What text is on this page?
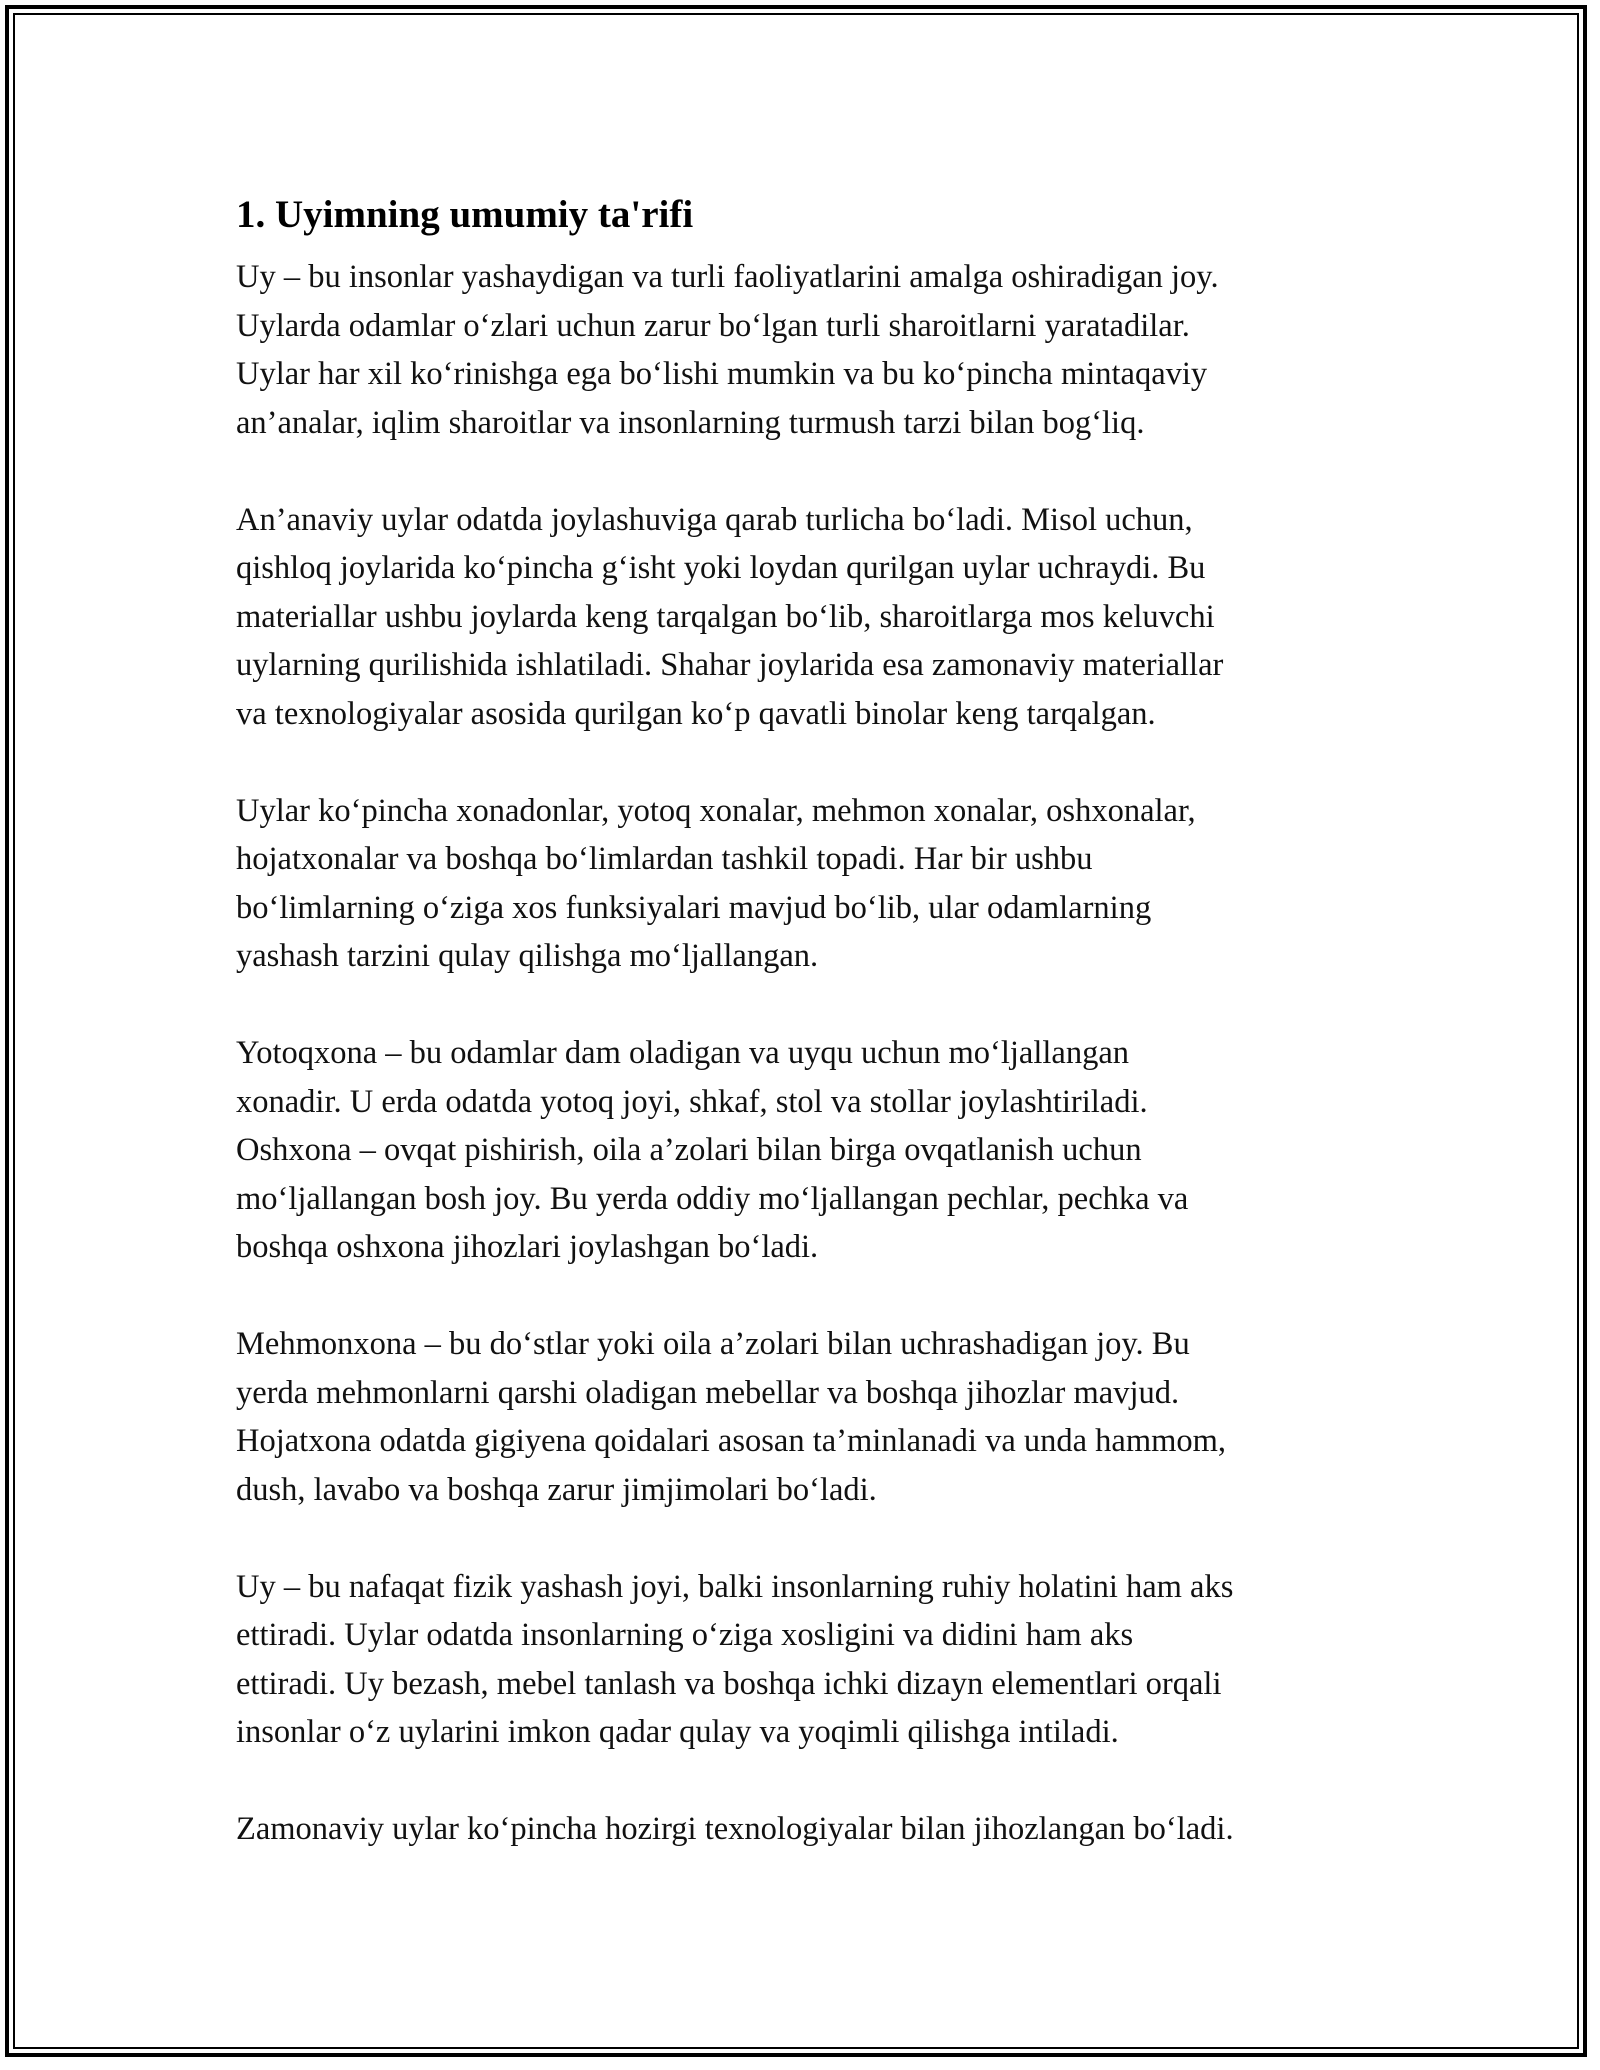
1. Uyimning umumiy ta'rifi

Uy – bu insonlar yashaydigan va turli faoliyatlarini amalga oshiradigan joy.
Uylarda odamlar o‘zlari uchun zarur bo‘lgan turli sharoitlarni yaratadilar.
Uylar har xil ko‘rinishga ega bo‘lishi mumkin va bu ko‘pincha mintaqaviy
an’analar, iqlim sharoitlar va insonlarning turmush tarzi bilan bog‘liq.

An’anaviy uylar odatda joylashuviga qarab turlicha bo‘ladi. Misol uchun,
qishloq joylarida ko‘pincha g‘isht yoki loydan qurilgan uylar uchraydi. Bu
materiallar ushbu joylarda keng tarqalgan bo‘lib, sharoitlarga mos keluvchi
uylarning qurilishida ishlatiladi. Shahar joylarida esa zamonaviy materiallar
va texnologiyalar asosida qurilgan ko‘p qavatli binolar keng tarqalgan.

Uylar ko‘pincha xonadonlar, yotoq xonalar, mehmon xonalar, oshxonalar,
hojatxonalar va boshqa bo‘limlardan tashkil topadi. Har bir ushbu
bo‘limlarning o‘ziga xos funksiyalari mavjud bo‘lib, ular odamlarning
yashash tarzini qulay qilishga mo‘ljallangan.

Yotoqxona – bu odamlar dam oladigan va uyqu uchun mo‘ljallangan
xonadir. U erda odatda yotoq joyi, shkaf, stol va stollar joylashtiriladi.
Oshxona – ovqat pishirish, oila a’zolari bilan birga ovqatlanish uchun
mo‘ljallangan bosh joy. Bu yerda oddiy mo‘ljallangan pechlar, pechka va
boshqa oshxona jihozlari joylashgan bo‘ladi.

Mehmonxona – bu do‘stlar yoki oila a’zolari bilan uchrashadigan joy. Bu
yerda mehmonlarni qarshi oladigan mebellar va boshqa jihozlar mavjud.
Hojatxona odatda gigiyena qoidalari asosan ta’minlanadi va unda hammom,
dush, lavabo va boshqa zarur jimjimolari bo‘ladi.

Uy – bu nafaqat fizik yashash joyi, balki insonlarning ruhiy holatini ham aks
ettiradi. Uylar odatda insonlarning o‘ziga xosligini va didini ham aks
ettiradi. Uy bezash, mebel tanlash va boshqa ichki dizayn elementlari orqali
insonlar o‘z uylarini imkon qadar qulay va yoqimli qilishga intiladi.

Zamonaviy uylar ko‘pincha hozirgi texnologiyalar bilan jihozlangan bo‘ladi.
